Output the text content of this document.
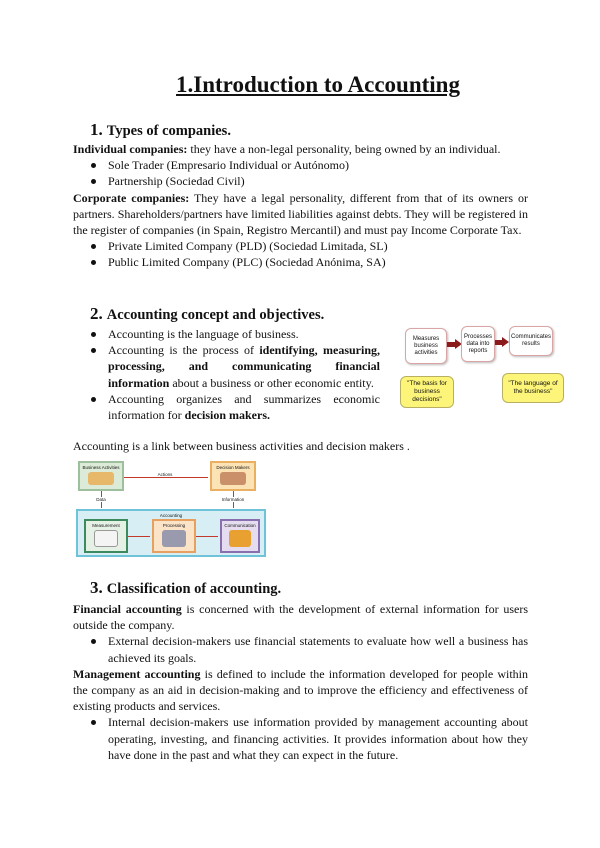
1.Introduction to Accounting
1. Types of companies.

Individual companies: they have a non-legal personality, being owned by an individual.

Sole Trader (Empresario Individual or Autónomo)
Partnership (Sociedad Civil)

Corporate companies: They have a legal personality, different from that of its owners or partners. Shareholders/partners have limited liabilities against debts. They will be registered in the register of companies (in Spain, Registro Mercantil) and must pay Income Corporate Tax.

Private Limited Company (PLD) (Sociedad Limitada, SL)
Public Limited Company (PLC) (Sociedad Anónima, SA)
2. Accounting concept and objectives.
Accounting is the language of business.
Accounting is the process of identifying, measuring, processing, and communicating financial information about a business or other economic entity.
Accounting organizes and summarizes economic information for decision makers.
Measures business activities
Processes data into reports
Communicates results
"The basis for business decisions"
"The language of the business"
Accounting is a link between business activities and decision makers .
Business Activities	Decision Makers
Actions
Data	Information
Accounting
Measurement	Processing	Communication
3. Classification of accounting.

Financial accounting is concerned with the development of external information for users outside the company.

External decision-makers use financial statements to evaluate how well a business has achieved its goals.

Management accounting is defined to include the information developed for people within the company as an aid in decision-making and to improve the efficiency and effectiveness of existing products and services.

Internal decision-makers use information provided by management accounting about operating, investing, and financing activities. It provides information about how they have done in the past and what they can expect in the future.
